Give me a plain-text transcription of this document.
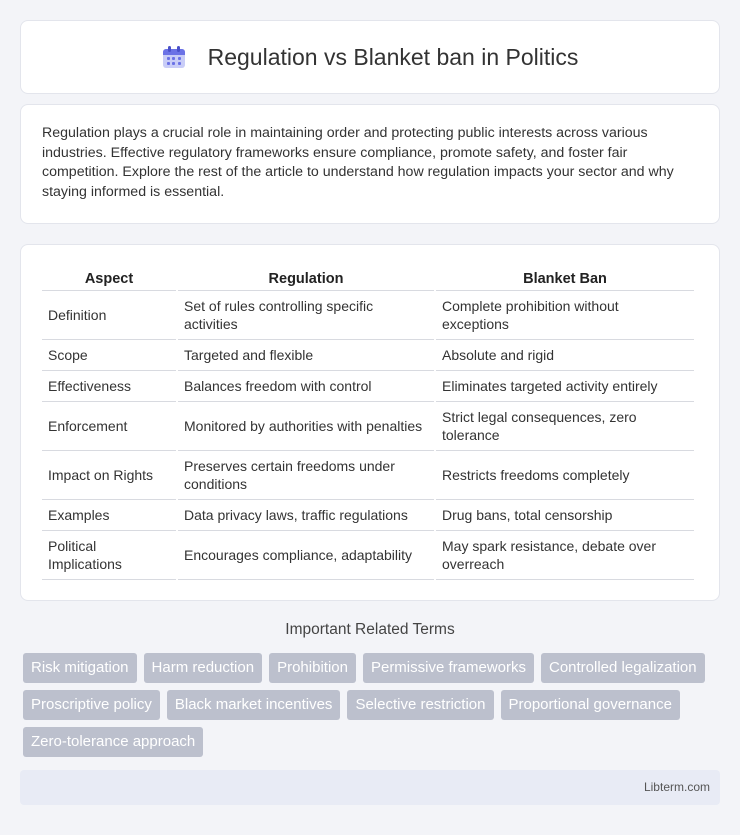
Regulation vs Blanket ban in Politics

Regulation plays a crucial role in maintaining order and protecting public interests across various industries. Effective regulatory frameworks ensure compliance, promote safety, and foster fair competition. Explore the rest of the article to understand how regulation impacts your sector and why staying informed is essential.

Aspect	Regulation	Blanket Ban
Definition	Set of rules controlling specific activities	Complete prohibition without exceptions
Scope	Targeted and flexible	Absolute and rigid
Effectiveness	Balances freedom with control	Eliminates targeted activity entirely
Enforcement	Monitored by authorities with penalties	Strict legal consequences, zero tolerance
Impact on Rights	Preserves certain freedoms under conditions	Restricts freedoms completely
Examples	Data privacy laws, traffic regulations	Drug bans, total censorship
Political Implications	Encourages compliance, adaptability	May spark resistance, debate over overreach
Important Related Terms
Risk mitigation	Harm reduction	Prohibition	Permissive frameworks	Controlled legalization
Proscriptive policy	Black market incentives	Selective restriction	Proportional governance
Zero-tolerance approach
Libterm.com
